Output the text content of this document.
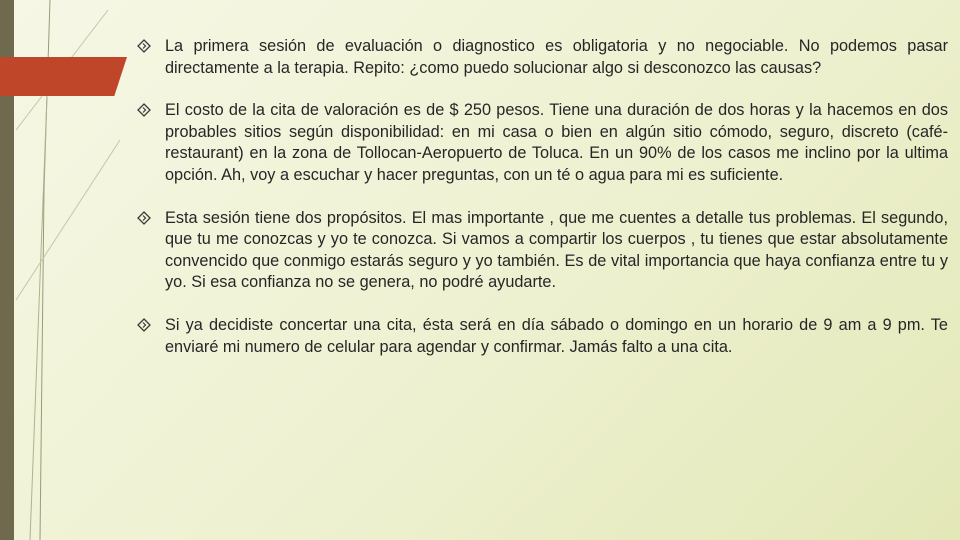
La primera sesión de evaluación o diagnostico es obligatoria y no negociable. No podemos pasar directamente a la terapia. Repito: ¿como puedo solucionar algo si desconozco las causas?
El costo de la cita de valoración es de $ 250 pesos. Tiene una duración de dos horas y la hacemos en dos probables sitios según disponibilidad: en mi casa o bien en algún sitio cómodo, seguro, discreto (café-restaurant) en la zona de Tollocan-Aeropuerto de Toluca. En un 90% de los casos me inclino por la ultima opción. Ah, voy a escuchar y hacer preguntas, con un té o agua para mi es suficiente.
Esta sesión tiene dos propósitos. El mas importante , que me cuentes a detalle tus problemas. El segundo, que tu me conozcas y yo te conozca. Si vamos a compartir los cuerpos , tu tienes que estar absolutamente convencido que conmigo estarás seguro y yo también. Es de vital importancia que haya confianza entre tu y yo. Si esa confianza no se genera, no podré ayudarte.
Si ya decidiste concertar una cita, ésta será en día sábado o domingo en un horario de 9 am a 9 pm. Te enviaré mi numero de celular para agendar y confirmar. Jamás falto a una cita.
